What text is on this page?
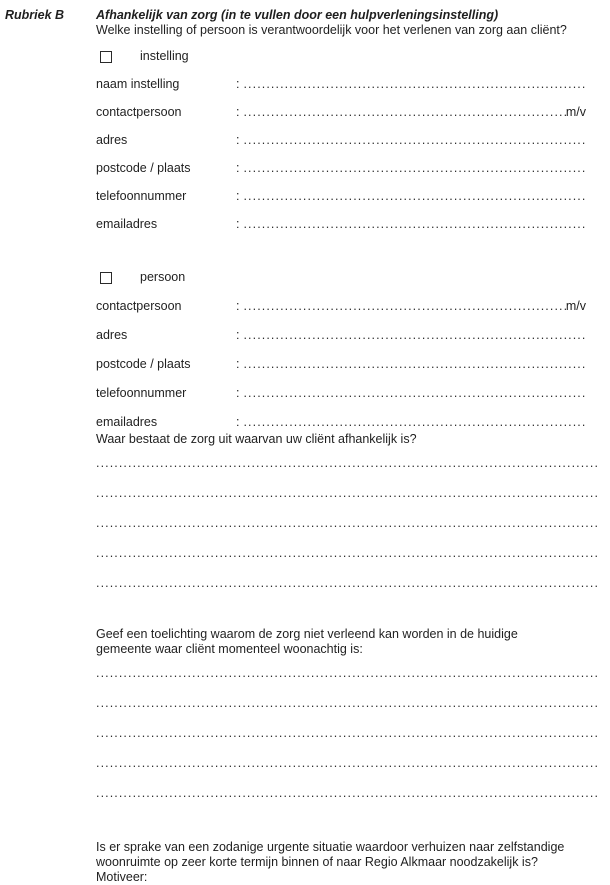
Rubriek B	Afhankelijk van zorg (in te vullen door een hulpverleningsinstelling)
Welke instelling of persoon is verantwoordelijk voor het verlenen van zorg aan cliënt?
instelling
naam instelling	:
.....
contactpersoon	: .....	m/v
adres	:
.....
postcode / plaats	:
.....
telefoonnummer	:
.....
emailadres	:
.....
persoon
contactpersoon	: .....	m/v
adres	:
.....
postcode / plaats	:
.....
telefoonnummer	:
.....
emailadres	:
.....
Waar bestaat de zorg uit waarvan uw cliënt afhankelijk is?
.....
.....
.....
.....
.....
Geef een toelichting waarom de zorg niet verleend kan worden in de huidige
gemeente waar cliënt momenteel woonachtig is:
.....
.....
.....
.....
.....
Is er sprake van een zodanige urgente situatie waardoor verhuizen naar zelfstandige
woonruimte op zeer korte termijn binnen of naar Regio Alkmaar noodzakelijk is?
Motiveer:
